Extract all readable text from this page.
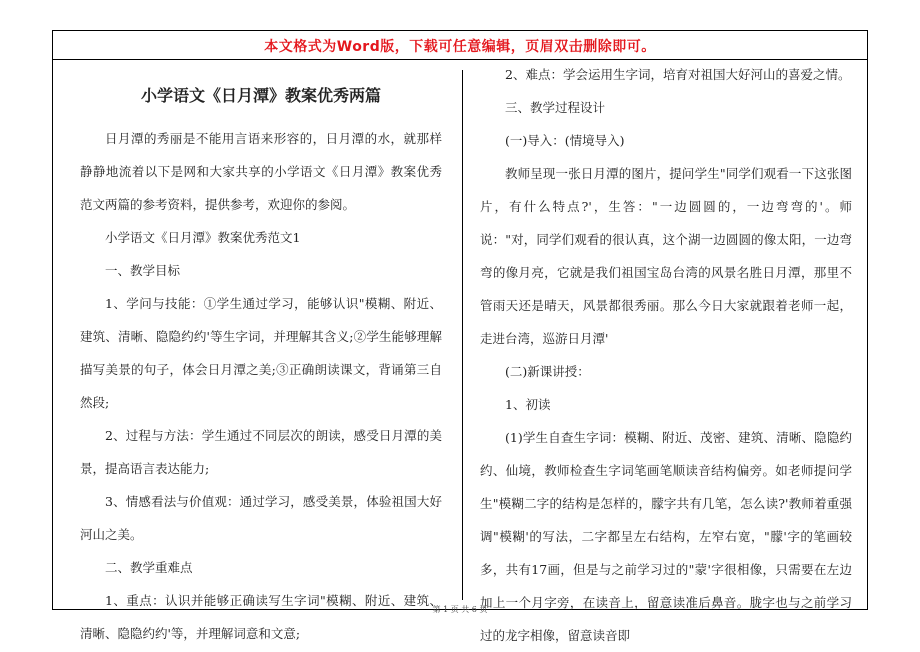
本文格式为Word版，下载可任意编辑，页眉双击删除即可。

小学语文《日月潭》教案优秀两篇

日月潭的秀丽是不能用言语来形容的，日月潭的水，就那样静静地流着以下是网和大家共享的小学语文《日月潭》教案优秀范文两篇的参考资料，提供参考，欢迎你的参阅。

小学语文《日月潭》教案优秀范文1

一、教学目标

1、学问与技能：①学生通过学习，能够认识"模糊、附近、建筑、清晰、隐隐约约'等生字词，并理解其含义;②学生能够理解描写美景的句子，体会日月潭之美;③正确朗读课文，背诵第三自然段;

2、过程与方法：学生通过不同层次的朗读，感受日月潭的美景，提高语言表达能力;

3、情感看法与价值观：通过学习，感受美景，体验祖国大好河山之美。

二、教学重难点

1、重点：认识并能够正确读写生字词"模糊、附近、建筑、清晰、隐隐约约'等，并理解词意和文意;

2、难点：学会运用生字词，培育对祖国大好河山的喜爱之情。

三、教学过程设计

(一)导入：(情境导入)

教师呈现一张日月潭的图片，提问学生"同学们观看一下这张图片，有什么特点?'，生答："一边圆圆的，一边弯弯的'。师说："对，同学们观看的很认真，这个湖一边圆圆的像太阳，一边弯弯的像月亮，它就是我们祖国宝岛台湾的风景名胜日月潭，那里不管雨天还是晴天，风景都很秀丽。那么今日大家就跟着老师一起，走进台湾，巡游日月潭'

(二)新课讲授：

1、初读

(1)学生自查生字词：模糊、附近、茂密、建筑、清晰、隐隐约约、仙境，教师检查生字词笔画笔顺读音结构偏旁。如老师提问学生"模糊二字的结构是怎样的，朦字共有几笔，怎么读?'教师着重强调"模糊'的写法，二字都呈左右结构，左窄右宽，"朦'字的笔画较多，共有17画，但是与之前学习过的"蒙'字很相像，只需要在左边加上一个月字旁，在读音上，留意读准后鼻音。胧字也与之前学习过的龙字相像，留意读音即

第 1 页 共 6 页
